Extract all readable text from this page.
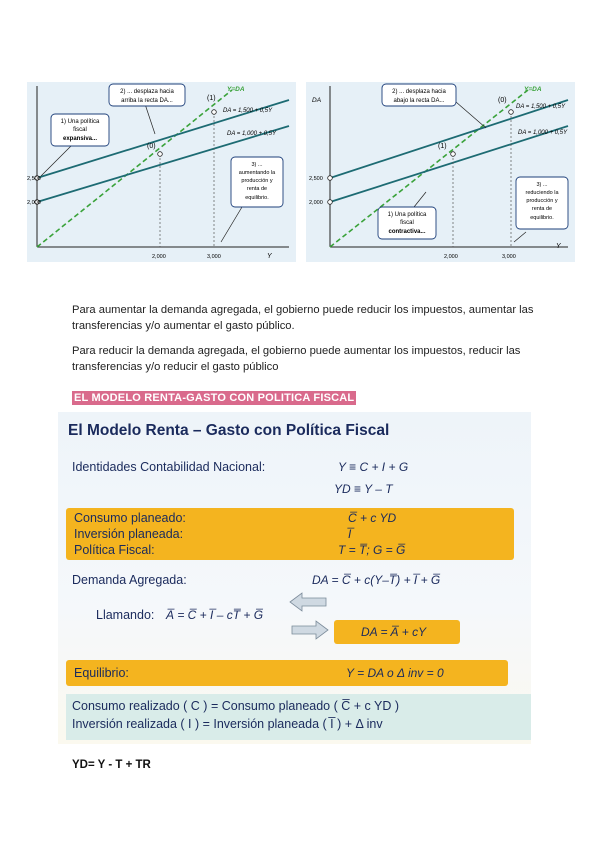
Y
Y=DA
DA = 1,500 + 0,5Y
DA = 1,000 + 0,5Y
(0)
(1)
2,500
2,000
2,000	3,000
1) Una política
fiscal
expansiva...
2) ... desplaza hacia
arriba la recta DA...
3) ...
aumentando la
producción y
renta de
equilibrio.
DA
Y
Y=DA
DA = 1,500 + 0,5Y
DA = 1,000 + 0,5Y
(1)
(0)
2,500
2,000
2,000	3,000
2) ... desplaza hacia
abajo la recta DA...
1) Una política
fiscal
contractiva...
3) ...
reduciendo la
producción y
renta de
equilibrio.

Para aumentar la demanda agregada, el gobierno puede reducir los impuestos, aumentar las transferencias y/o aumentar el gasto público.

Para reducir la demanda agregada, el gobierno puede aumentar los impuestos, reducir las transferencias y/o reducir el gasto público

EL MODELO RENTA-GASTO CON POLITICA FISCAL
El Modelo Renta – Gasto con Política Fiscal
Identidades Contabilidad Nacional:	Y ≡ C + I + G
YD ≡ Y – T
Consumo planeado:	C̅ + c YD
Inversión planeada:	I̅
Política Fiscal:	T = T̅; G = G̅
Demanda Agregada:	DA = C̅ + c(Y–T̅) + I̅ + G̅
Llamando: A̅ = C̅ + I̅ – cT̅ + G̅
DA = A̅ + cY
Equilibrio:	Y = DA o Δ inv = 0
Consumo realizado ( C ) = Consumo planeado ( C̅ + c YD )
Inversión realizada ( I ) = Inversión planeada ( I̅ ) + Δ inv
YD= Y - T + TR
